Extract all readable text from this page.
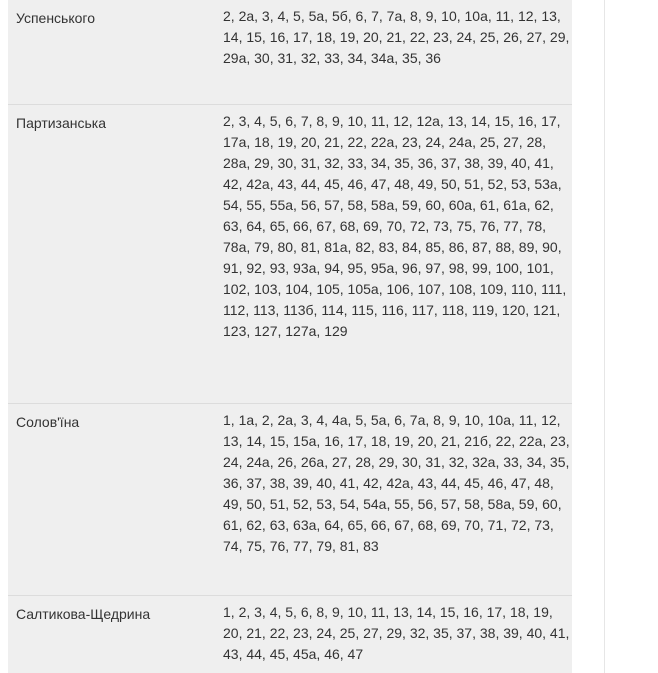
Успенського	2, 2а, 3, 4, 5, 5а, 5б, 6, 7, 7а, 8, 9, 10, 10а, 11, 12, 13, 14, 15, 16, 17, 18, 19, 20, 21, 22, 23, 24, 25, 26, 27, 29, 29а, 30, 31, 32, 33, 34, 34а, 35, 36
Партизанська	2, 3, 4, 5, 6, 7, 8, 9, 10, 11, 12, 12а, 13, 14, 15, 16, 17, 17а, 18, 19, 20, 21, 22, 22а, 23, 24, 24а, 25, 27, 28, 28а, 29, 30, 31, 32, 33, 34, 35, 36, 37, 38, 39, 40, 41, 42, 42а, 43, 44, 45, 46, 47, 48, 49, 50, 51, 52, 53, 53а, 54, 55, 55а, 56, 57, 58, 58а, 59, 60, 60а, 61, 61а, 62, 63, 64, 65, 66, 67, 68, 69, 70, 72, 73, 75, 76, 77, 78, 78а, 79, 80, 81, 81а, 82, 83, 84, 85, 86, 87, 88, 89, 90, 91, 92, 93, 93а, 94, 95, 95а, 96, 97, 98, 99, 100, 101, 102, 103, 104, 105, 105а, 106, 107, 108, 109, 110, 111, 112, 113, 113б, 114, 115, 116, 117, 118, 119, 120, 121, 123, 127, 127а, 129
Солов'їна	1, 1а, 2, 2а, 3, 4, 4а, 5, 5а, 6, 7а, 8, 9, 10, 10а, 11, 12, 13, 14, 15, 15а, 16, 17, 18, 19, 20, 21, 21б, 22, 22а, 23, 24, 24а, 26, 26а, 27, 28, 29, 30, 31, 32, 32а, 33, 34, 35, 36, 37, 38, 39, 40, 41, 42, 42а, 43, 44, 45, 46, 47, 48, 49, 50, 51, 52, 53, 54, 54а, 55, 56, 57, 58, 58а, 59, 60, 61, 62, 63, 63а, 64, 65, 66, 67, 68, 69, 70, 71, 72, 73, 74, 75, 76, 77, 79, 81, 83
Салтикова-Щедрина	1, 2, 3, 4, 5, 6, 8, 9, 10, 11, 13, 14, 15, 16, 17, 18, 19, 20, 21, 22, 23, 24, 25, 27, 29, 32, 35, 37, 38, 39, 40, 41, 43, 44, 45, 45а, 46, 47
